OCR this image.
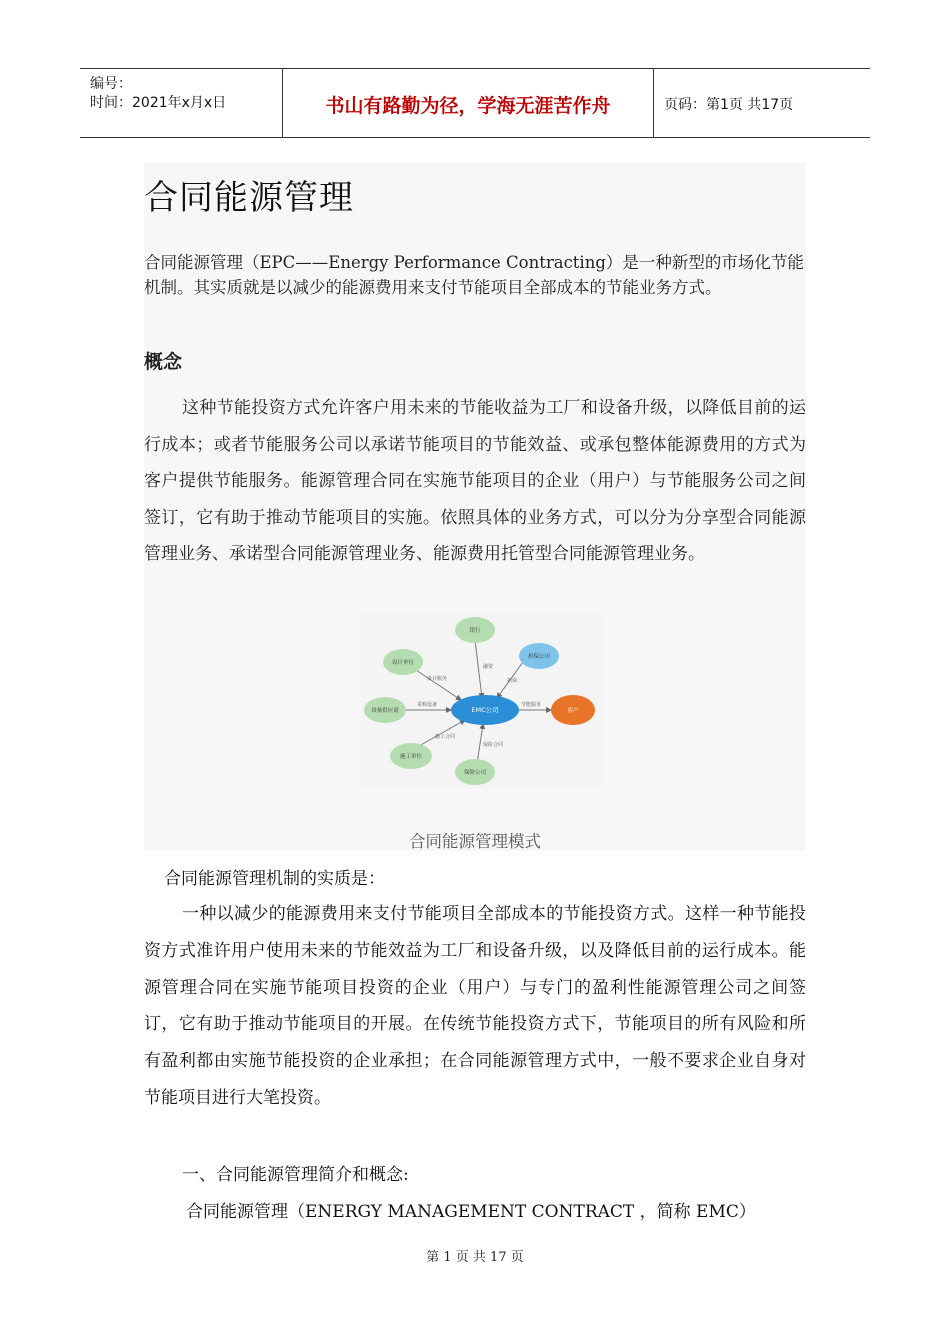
编号：
时间：2021年x月x日	书山有路勤为径，学海无涯苦作舟	页码：第1页 共17页
合同能源管理
合同能源管理（EPC——Energy Performance Contracting）是一种新型的市场化节能机制。其实质就是以减少的能源费用来支付节能项目全部成本的节能业务方式。
概念
这种节能投资方式允许客户用未来的节能收益为工厂和设备升级，以降低目前的运行成本；或者节能服务公司以承诺节能项目的节能效益、或承包整体能源费用的方式为客户提供节能服务。能源管理合同在实施节能项目的企业（用户）与节能服务公司之间签订，它有助于推动节能项目的实施。依照具体的业务方式，可以分为分享型合同能源管理业务、承诺型合同能源管理业务、能源费用托管型合同能源管理业务。
融资
担保
设计服务
采购设备	节能服务
施工合同
保险合同
银行
担保公司
设计单位
设备供应商	客户
施工单位
保险公司
EMC公司
合同能源管理模式
合同能源管理机制的实质是：
一种以减少的能源费用来支付节能项目全部成本的节能投资方式。这样一种节能投资方式准许用户使用未来的节能效益为工厂和设备升级，以及降低目前的运行成本。能源管理合同在实施节能项目投资的企业（用户）与专门的盈利性能源管理公司之间签订，它有助于推动节能项目的开展。在传统节能投资方式下，节能项目的所有风险和所有盈利都由实施节能投资的企业承担；在合同能源管理方式中，一般不要求企业自身对节能项目进行大笔投资。
一、合同能源管理简介和概念:
合同能源管理（ENERGY MANAGEMENT CONTRACT ，简称 EMC）
第 1 页 共 17 页
